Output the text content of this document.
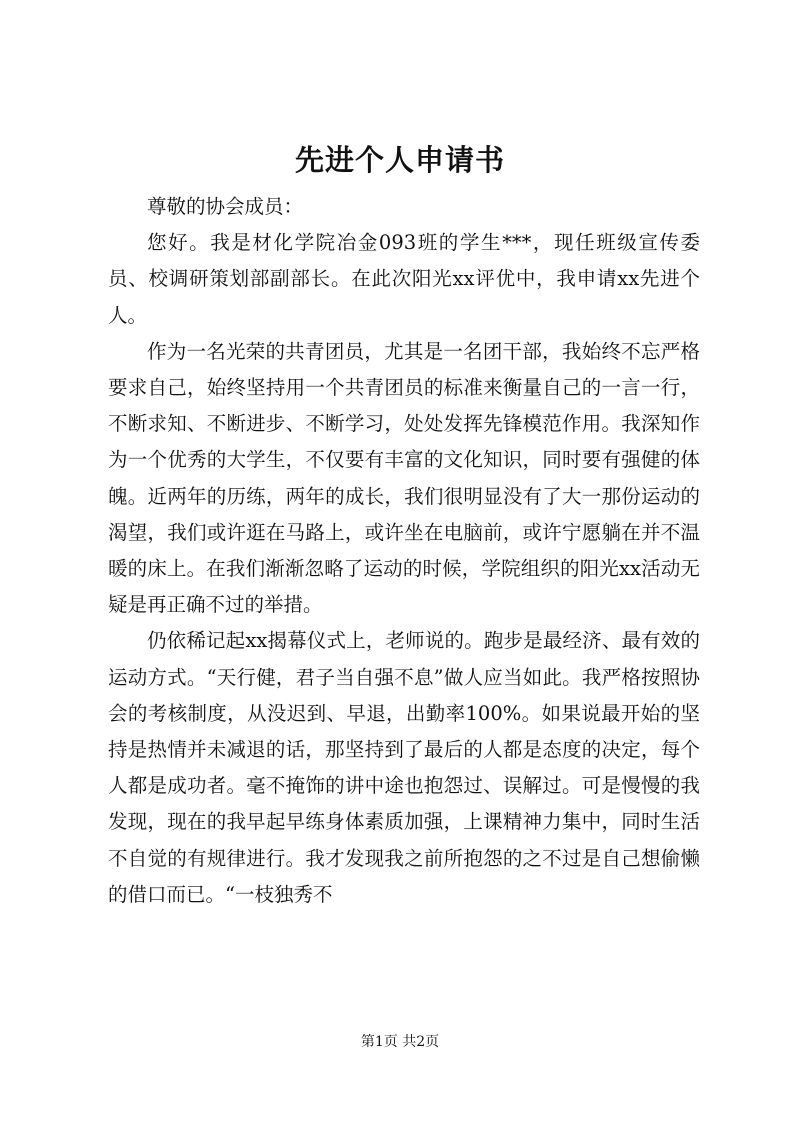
先进个人申请书

尊敬的协会成员：

您好。我是材化学院冶金093班的学生***，现任班级宣传委员、校调研策划部副部长。在此次阳光xx评优中，我申请xx先进个人。

作为一名光荣的共青团员，尤其是一名团干部，我始终不忘严格要求自己，始终坚持用一个共青团员的标准来衡量自己的一言一行，不断求知、不断进步、不断学习，处处发挥先锋模范作用。我深知作为一个优秀的大学生，不仅要有丰富的文化知识，同时要有强健的体魄。近两年的历练，两年的成长，我们很明显没有了大一那份运动的渴望，我们或许逛在马路上，或许坐在电脑前，或许宁愿躺在并不温暖的床上。在我们渐渐忽略了运动的时候，学院组织的阳光xx活动无疑是再正确不过的举措。

仍依稀记起xx揭幕仪式上，老师说的。跑步是最经济、最有效的运动方式。“天行健，君子当自强不息”做人应当如此。我严格按照协会的考核制度，从没迟到、早退，出勤率100%。如果说最开始的坚持是热情并未减退的话，那坚持到了最后的人都是态度的决定，每个人都是成功者。毫不掩饰的讲中途也抱怨过、误解过。可是慢慢的我发现，现在的我早起早练身体素质加强，上课精神力集中，同时生活不自觉的有规律进行。我才发现我之前所抱怨的之不过是自己想偷懒的借口而已。“一枝独秀不

第1页 共2页
